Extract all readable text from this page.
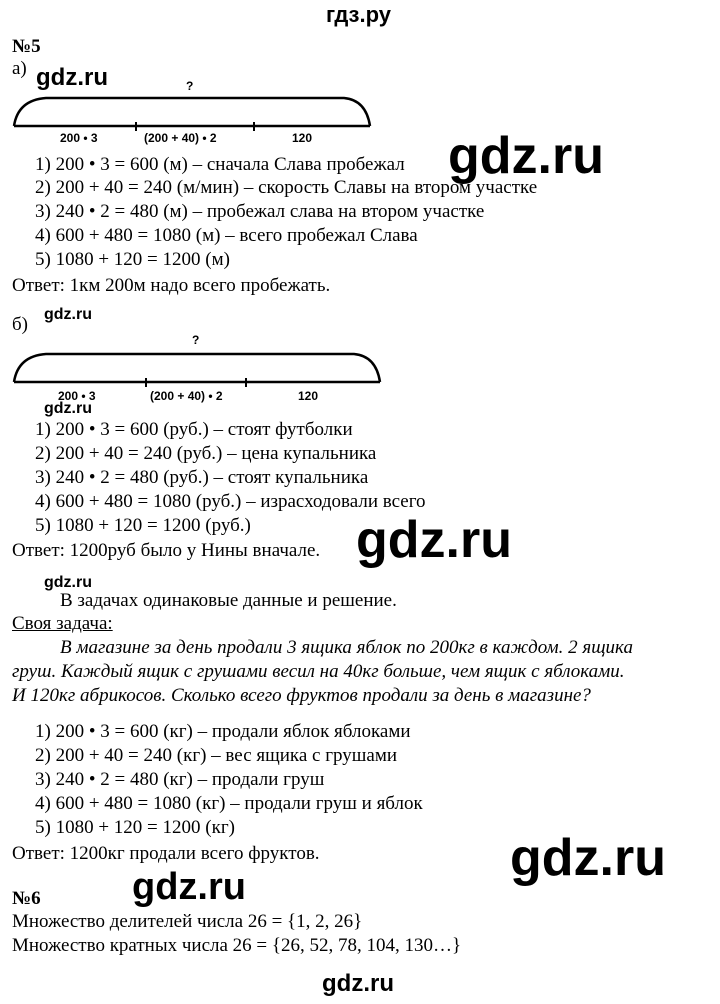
гдз.ру
№5
а)
?
200 • 3	(200 + 40) • 2	120
1) 200 • 3 = 600 (м) – сначала Слава пробежал
2) 200 + 40 = 240 (м/мин) – скорость Славы на втором участке
3) 240 • 2 = 480 (м) – пробежал слава на втором участке
4) 600 + 480 = 1080 (м) – всего пробежал Слава
5) 1080 + 120 = 1200 (м)
Ответ: 1км 200м надо всего пробежать.
б)
?
200 • 3	(200 + 40) • 2	120
1) 200 • 3 = 600 (руб.) – стоят футболки
2) 200 + 40 = 240 (руб.) – цена купальника
3) 240 • 2 = 480 (руб.) – стоят купальника
4) 600 + 480 = 1080 (руб.) – израсходовали всего
5) 1080 + 120 = 1200 (руб.)
Ответ: 1200руб было у Нины вначале.
В задачах одинаковые данные и решение.
Своя задача:
В магазине за день продали 3 ящика яблок по 200кг в каждом. 2 ящика
груш. Каждый ящик с грушами весил на 40кг больше, чем ящик с яблоками.
И 120кг абрикосов. Сколько всего фруктов продали за день в магазине?
1) 200 • 3 = 600 (кг) – продали яблок яблоками
2) 200 + 40 = 240 (кг) – вес ящика с грушами
3) 240 • 2 = 480 (кг) – продали груш
4) 600 + 480 = 1080 (кг) – продали груш и яблок
5) 1080 + 120 = 1200 (кг)
Ответ: 1200кг продали всего фруктов.
№6
Множество делителей числа 26 = {1, 2, 26}
Множество кратных числа 26 = {26, 52, 78, 104, 130…}
gdz.ru
gdz.ru
gdz.ru
gdz.ru
gdz.ru
gdz.ru
gdz.ru
gdz.ru
gdz.ru
